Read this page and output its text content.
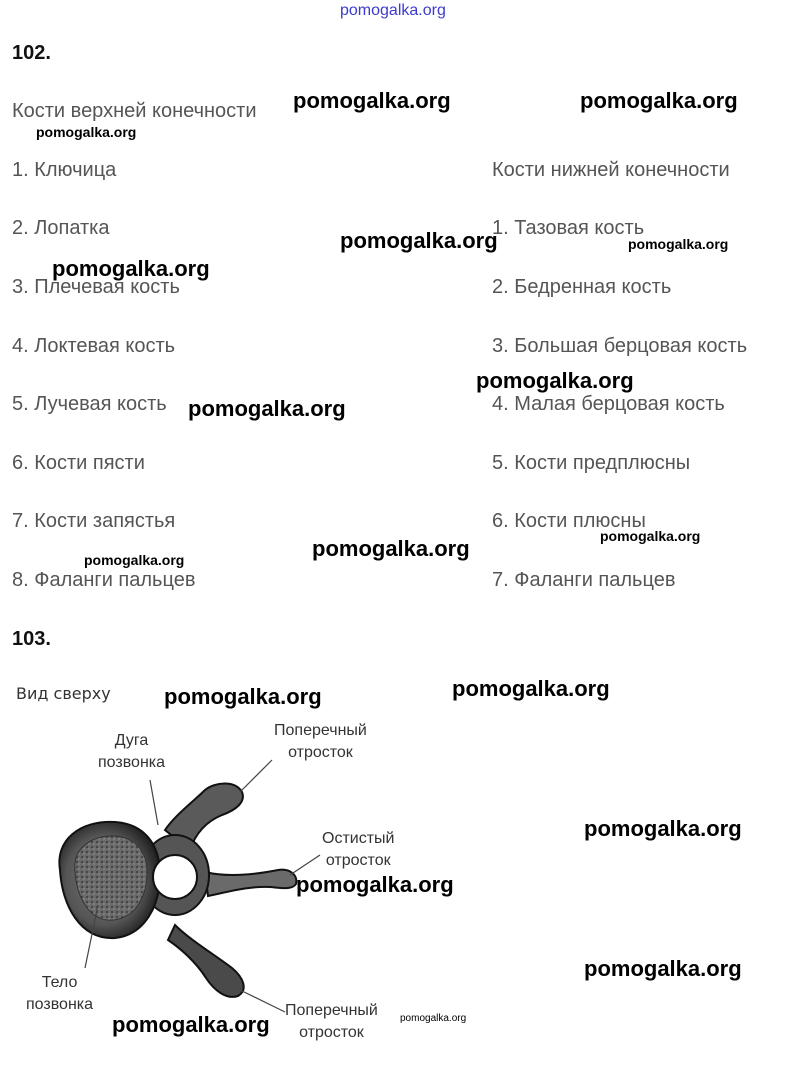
pomogalka.org
102.
Кости верхней конечности
Кости нижней конечности
1. Ключица
2. Лопатка
3. Плечевая кость
4. Локтевая кость
5. Лучевая кость
6. Кости пясти
7. Кости запястья
8. Фаланги пальцев
1. Тазовая кость
2. Бедренная кость
3. Большая берцовая кость
4. Малая берцовая кость
5. Кости предплюсны
6. Кости плюсны
7. Фаланги пальцев
103.
Вид сверху
Дуга
позвонка
Поперечный
отросток
Остистый
отросток
Тело
позвонка	Поперечный
отросток
pomogalka.org	pomogalka.org
pomogalka.org
pomogalka.org	pomogalka.org
pomogalka.org
pomogalka.org
pomogalka.org
pomogalka.org
pomogalka.org
pomogalka.org
pomogalka.org	pomogalka.org
pomogalka.org
pomogalka.org
pomogalka.org
pomogalka.org	pomogalka.org
